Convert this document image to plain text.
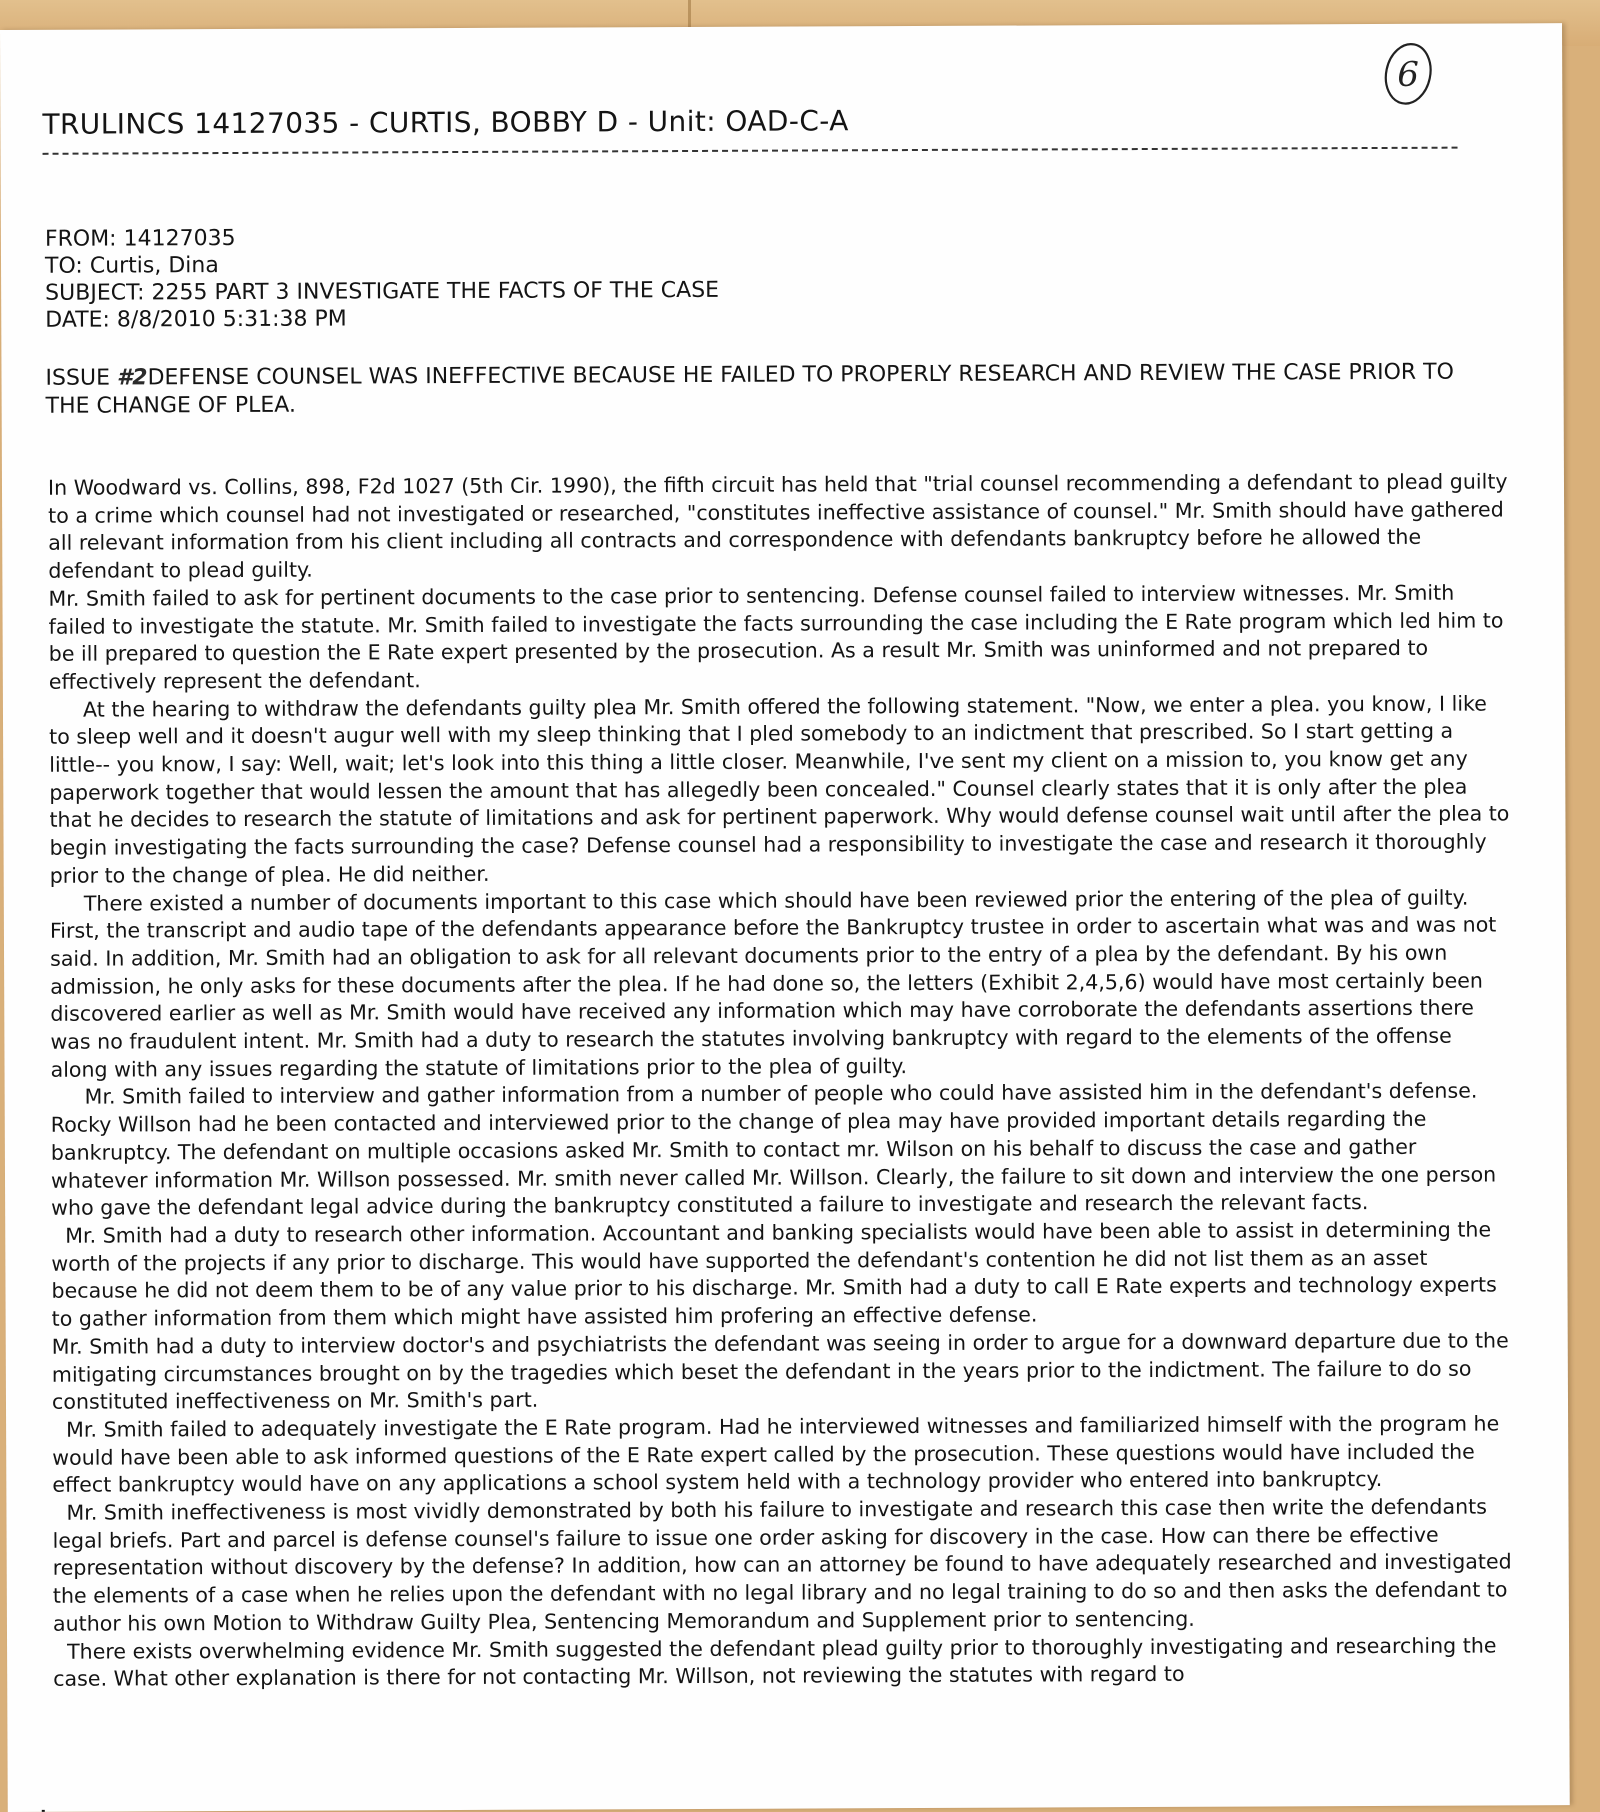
6
TRULINCS 14127035 - CURTIS, BOBBY D - Unit: OAD-C-A
FROM: 14127035
TO: Curtis, Dina
SUBJECT: 2255 PART 3 INVESTIGATE THE FACTS OF THE CASE
DATE: 8/8/2010 5:31:38 PM
ISSUE #2DEFENSE COUNSEL WAS INEFFECTIVE BECAUSE HE FAILED TO PROPERLY RESEARCH AND REVIEW THE CASE PRIOR TO THE CHANGE OF PLEA.

In Woodward vs. Collins, 898, F2d 1027 (5th Cir. 1990), the fifth circuit has held that "trial counsel recommending a defendant to plead guilty to a crime which counsel had not investigated or researched, "constitutes ineffective assistance of counsel." Mr. Smith should have gathered all relevant information from his client including all contracts and correspondence with defendants bankruptcy before he allowed the defendant to plead guilty.

Mr. Smith failed to ask for pertinent documents to the case prior to sentencing. Defense counsel failed to interview witnesses. Mr. Smith failed to investigate the statute. Mr. Smith failed to investigate the facts surrounding the case including the E Rate program which led him to be ill prepared to question the E Rate expert presented by the prosecution. As a result Mr. Smith was uninformed and not prepared to effectively represent the defendant.

At the hearing to withdraw the defendants guilty plea Mr. Smith offered the following statement. "Now, we enter a plea. you know, I like to sleep well and it doesn't augur well with my sleep thinking that I pled somebody to an indictment that prescribed. So I start getting a little-- you know, I say: Well, wait; let's look into this thing a little closer. Meanwhile, I've sent my client on a mission to, you know get any paperwork together that would lessen the amount that has allegedly been concealed." Counsel clearly states that it is only after the plea that he decides to research the statute of limitations and ask for pertinent paperwork. Why would defense counsel wait until after the plea to begin investigating the facts surrounding the case? Defense counsel had a responsibility to investigate the case and research it thoroughly prior to the change of plea. He did neither.

There existed a number of documents important to this case which should have been reviewed prior the entering of the plea of guilty. First, the transcript and audio tape of the defendants appearance before the Bankruptcy trustee in order to ascertain what was and was not said. In addition, Mr. Smith had an obligation to ask for all relevant documents prior to the entry of a plea by the defendant. By his own admission, he only asks for these documents after the plea. If he had done so, the letters (Exhibit 2,4,5,6) would have most certainly been discovered earlier as well as Mr. Smith would have received any information which may have corroborate the defendants assertions there was no fraudulent intent. Mr. Smith had a duty to research the statutes involving bankruptcy with regard to the elements of the offense along with any issues regarding the statute of limitations prior to the plea of guilty.

Mr. Smith failed to interview and gather information from a number of people who could have assisted him in the defendant's defense. Rocky Willson had he been contacted and interviewed prior to the change of plea may have provided important details regarding the bankruptcy. The defendant on multiple occasions asked Mr. Smith to contact mr. Wilson on his behalf to discuss the case and gather whatever information Mr. Willson possessed. Mr. smith never called Mr. Willson. Clearly, the failure to sit down and interview the one person who gave the defendant legal advice during the bankruptcy constituted a failure to investigate and research the relevant facts.

Mr. Smith had a duty to research other information. Accountant and banking specialists would have been able to assist in determining the worth of the projects if any prior to discharge. This would have supported the defendant's contention he did not list them as an asset because he did not deem them to be of any value prior to his discharge. Mr. Smith had a duty to call E Rate experts and technology experts to gather information from them which might have assisted him profering an effective defense.

Mr. Smith had a duty to interview doctor's and psychiatrists the defendant was seeing in order to argue for a downward departure due to the mitigating circumstances brought on by the tragedies which beset the defendant in the years prior to the indictment. The failure to do so constituted ineffectiveness on Mr. Smith's part.

Mr. Smith failed to adequately investigate the E Rate program. Had he interviewed witnesses and familiarized himself with the program he would have been able to ask informed questions of the E Rate expert called by the prosecution. These questions would have included the effect bankruptcy would have on any applications a school system held with a technology provider who entered into bankruptcy.

Mr. Smith ineffectiveness is most vividly demonstrated by both his failure to investigate and research this case then write the defendants legal briefs. Part and parcel is defense counsel's failure to issue one order asking for discovery in the case. How can there be effective representation without discovery by the defense? In addition, how can an attorney be found to have adequately researched and investigated the elements of a case when he relies upon the defendant with no legal library and no legal training to do so and then asks the defendant to author his own Motion to Withdraw Guilty Plea, Sentencing Memorandum and Supplement prior to sentencing.

There exists overwhelming evidence Mr. Smith suggested the defendant plead guilty prior to thoroughly investigating and researching the case. What other explanation is there for not contacting Mr. Willson, not reviewing the statutes with regard to
